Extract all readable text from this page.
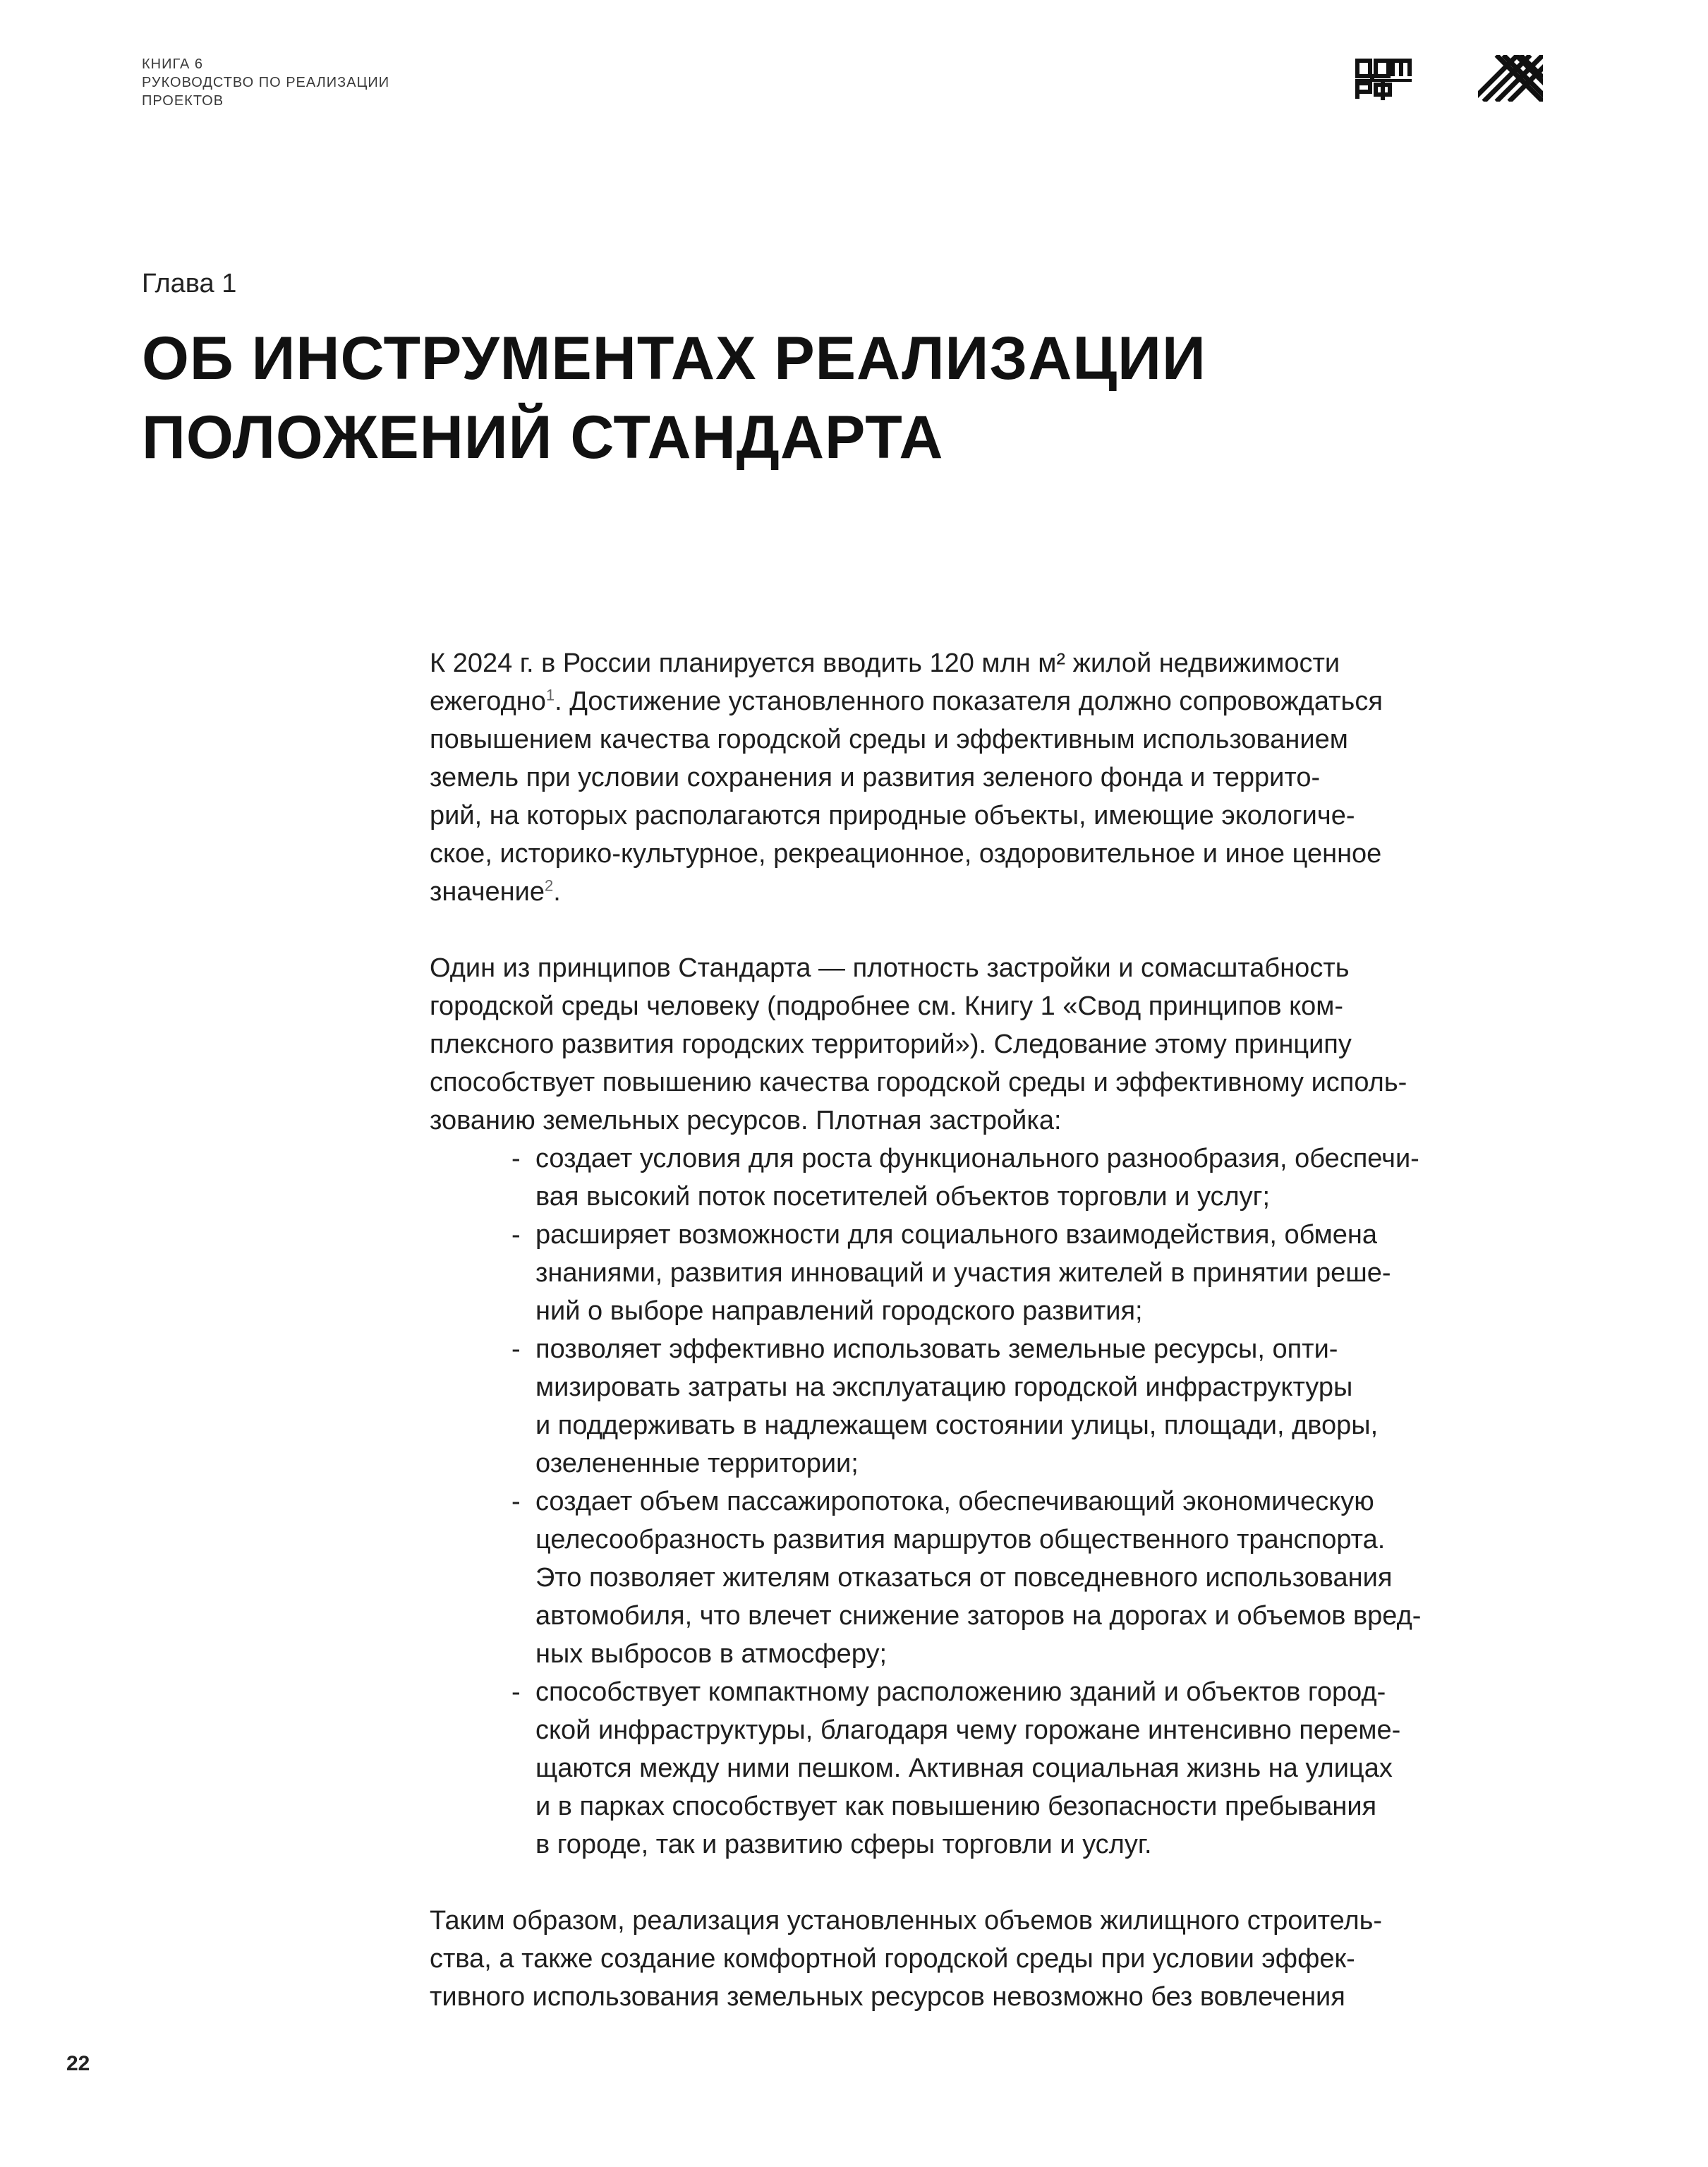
КНИГА 6
РУКОВОДСТВО ПО РЕАЛИЗАЦИИ
ПРОЕКТОВ
Глава 1
ОБ ИНСТРУМЕНТАХ РЕАЛИЗАЦИИ
ПОЛОЖЕНИЙ СТАНДАРТА
К 2024 г. в России планируется вводить 120 млн м² жилой недвижимости
ежегодно$^1$. Достижение установленного показателя должно сопровождаться
повышением качества городской среды и эффективным использованием
земель при условии сохранения и развития зеленого фонда и террито-
рий, на которых располагаются природные объекты, имеющие экологиче-
ское, историко-культурное, рекреационное, оздоровительное и иное ценное
значение$^2$.
Один из принципов Стандарта — плотность застройки и сомасштабность
городской среды человеку (подробнее см. Книгу 1 «Свод принципов ком-
плексного развития городских территорий»). Следование этому принципу
способствует повышению качества городской среды и эффективному исполь-
зованию земельных ресурсов. Плотная застройка:
- создает условия для роста функционального разнообразия, обеспечи-
вая высокий поток посетителей объектов торговли и услуг;
- расширяет возможности для социального взаимодействия, обмена
знаниями, развития инноваций и участия жителей в принятии реше-
ний о выборе направлений городского развития;
- позволяет эффективно использовать земельные ресурсы, опти-
мизировать затраты на эксплуатацию городской инфраструктуры
и поддерживать в надлежащем состоянии улицы, площади, дворы,
озелененные территории;
- создает объем пассажиропотока, обеспечивающий экономическую
целесообразность развития маршрутов общественного транспорта.
Это позволяет жителям отказаться от повседневного использования
автомобиля, что влечет снижение заторов на дорогах и объемов вред-
ных выбросов в атмосферу;
- способствует компактному расположению зданий и объектов город-
ской инфраструктуры, благодаря чему горожане интенсивно переме-
щаются между ними пешком. Активная социальная жизнь на улицах
и в парках способствует как повышению безопасности пребывания
в городе, так и развитию сферы торговли и услуг.
Таким образом, реализация установленных объемов жилищного строитель-
ства, а также создание комфортной городской среды при условии эффек-
тивного использования земельных ресурсов невозможно без вовлечения
22
